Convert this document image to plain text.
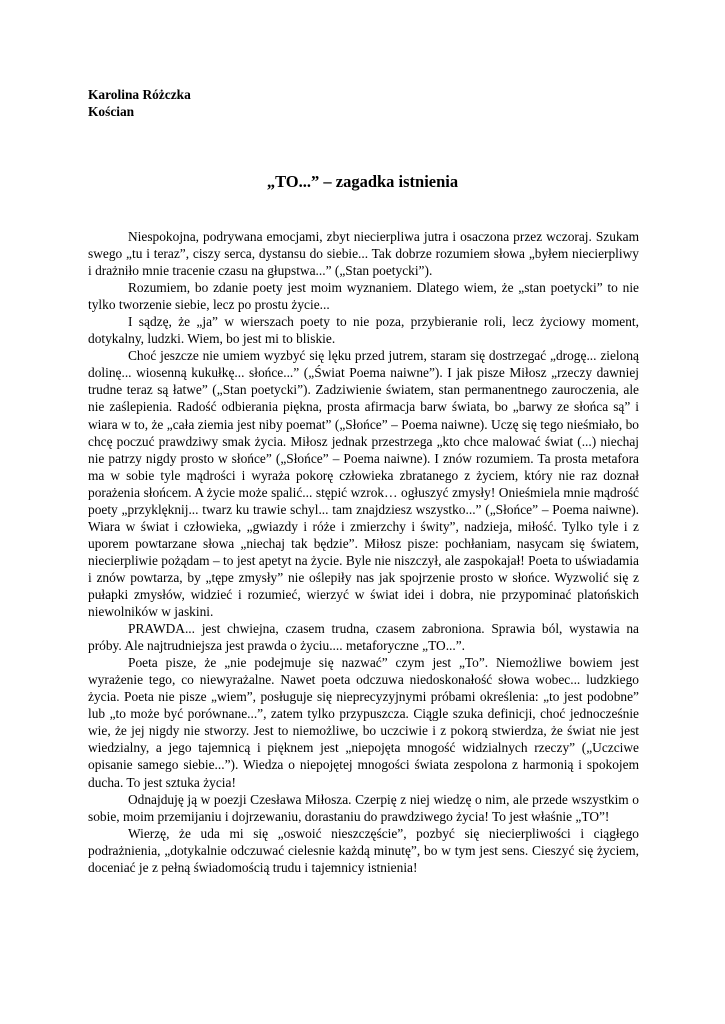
Karolina Różczka
Kościan
„TO...” – zagadka istnienia

Niespokojna, podrywana emocjami, zbyt niecierpliwa jutra i osaczona przez wczoraj. Szukam swego „tu i teraz”, ciszy serca, dystansu do siebie... Tak dobrze rozumiem słowa „byłem niecierpliwy i drażniło mnie tracenie czasu na głupstwa...” („Stan poetycki”).

Rozumiem, bo zdanie poety jest moim wyznaniem. Dlatego wiem, że „stan poetycki” to nie tylko tworzenie siebie, lecz po prostu życie...

I sądzę, że „ja” w wierszach poety to nie poza, przybieranie roli, lecz życiowy moment, dotykalny, ludzki. Wiem, bo jest mi to bliskie.

Choć jeszcze nie umiem wyzbyć się lęku przed jutrem, staram się dostrzegać „drogę... zieloną dolinę... wiosenną kukułkę... słońce...” („Świat Poema naiwne”). I jak pisze Miłosz „rzeczy dawniej trudne teraz są łatwe” („Stan poetycki”). Zadziwienie światem, stan permanentnego zauroczenia, ale nie zaślepienia. Radość odbierania piękna, prosta afirmacja barw świata, bo „barwy ze słońca są” i wiara w to, że „cała ziemia jest niby poemat” („Słońce” – Poema naiwne). Uczę się tego nieśmiało, bo chcę poczuć prawdziwy smak życia. Miłosz jednak przestrzega „kto chce malować świat (...) niechaj nie patrzy nigdy prosto w słońce” („Słońce” – Poema naiwne). I znów rozumiem. Ta prosta metafora ma w sobie tyle mądrości i wyraża pokorę człowieka zbratanego z życiem, który nie raz doznał porażenia słońcem. A życie może spalić... stępić wzrok… ogłuszyć zmysły! Onieśmiela mnie mądrość poety „przyklęknij... twarz ku trawie schyl... tam znajdziesz wszystko...” („Słońce” – Poema naiwne). Wiara w świat i człowieka, „gwiazdy i róże i zmierzchy i świty”, nadzieja, miłość. Tylko tyle i z uporem powtarzane słowa „niechaj tak będzie”. Miłosz pisze: pochłaniam, nasycam się światem, niecierpliwie pożądam – to jest apetyt na życie. Byle nie niszczył, ale zaspokajał! Poeta to uświadamia i znów powtarza, by „tępe zmysły” nie oślepiły nas jak spojrzenie prosto w słońce. Wyzwolić się z pułapki zmysłów, widzieć i rozumieć, wierzyć w świat idei i dobra, nie przypominać platońskich niewolników w jaskini.

PRAWDA... jest chwiejna, czasem trudna, czasem zabroniona. Sprawia ból, wystawia na próby. Ale najtrudniejsza jest prawda o życiu.... metaforyczne „TO...”.

Poeta pisze, że „nie podejmuje się nazwać” czym jest „To”. Niemożliwe bowiem jest wyrażenie tego, co niewyrażalne. Nawet poeta odczuwa niedoskonałość słowa wobec... ludzkiego życia. Poeta nie pisze „wiem”, posługuje się nieprecyzyjnymi próbami określenia: „to jest podobne” lub „to może być porównane...”, zatem tylko przypuszcza. Ciągle szuka definicji, choć jednocześnie wie, że jej nigdy nie stworzy. Jest to niemożliwe, bo uczciwie i z pokorą stwierdza, że świat nie jest wiedzialny, a jego tajemnicą i pięknem jest „niepojęta mnogość widzialnych rzeczy” („Uczciwe opisanie samego siebie...”). Wiedza o niepojętej mnogości świata zespolona z harmonią i spokojem ducha. To jest sztuka życia!

Odnajduję ją w poezji Czesława Miłosza. Czerpię z niej wiedzę o nim, ale przede wszystkim o sobie, moim przemijaniu i dojrzewaniu, dorastaniu do prawdziwego życia! To jest właśnie „TO”!

Wierzę, że uda mi się „oswoić nieszczęście”, pozbyć się niecierpliwości i ciągłego podrażnienia, „dotykalnie odczuwać cielesnie każdą minutę”, bo w tym jest sens. Cieszyć się życiem, doceniać je z pełną świadomością trudu i tajemnicy istnienia!
